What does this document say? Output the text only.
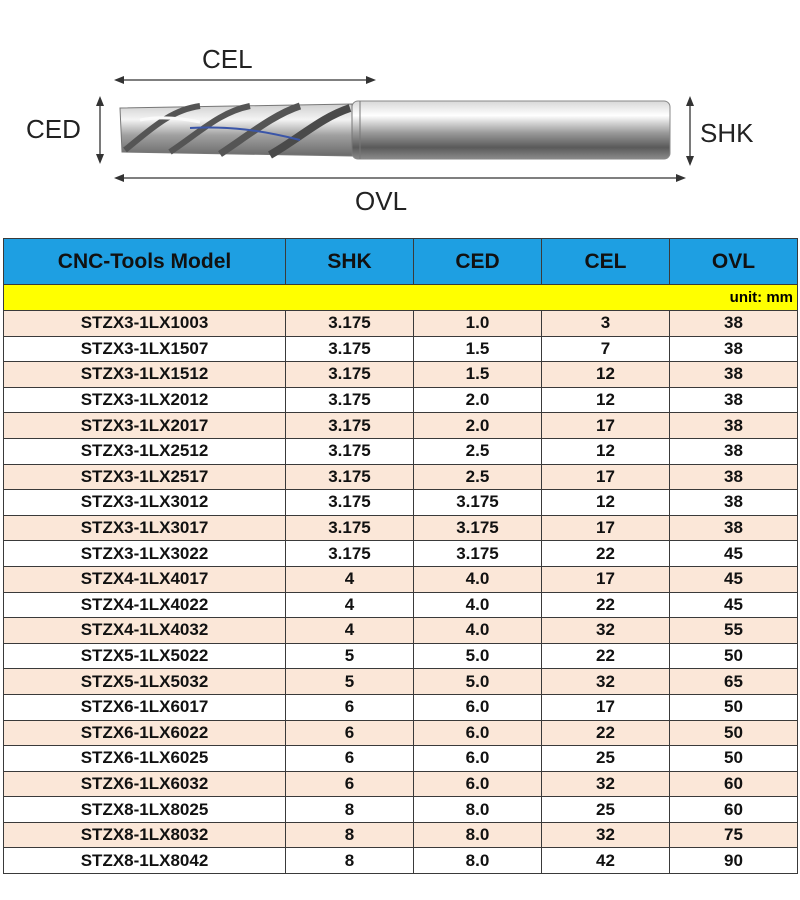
CEL
CED	SHK
OVL
CNC-Tools Model	SHK	CED	CEL	OVL
unit: mm				
STZX3-1LX1003	3.175	1.0	3	38
STZX3-1LX1507	3.175	1.5	7	38
STZX3-1LX1512	3.175	1.5	12	38
STZX3-1LX2012	3.175	2.0	12	38
STZX3-1LX2017	3.175	2.0	17	38
STZX3-1LX2512	3.175	2.5	12	38
STZX3-1LX2517	3.175	2.5	17	38
STZX3-1LX3012	3.175	3.175	12	38
STZX3-1LX3017	3.175	3.175	17	38
STZX3-1LX3022	3.175	3.175	22	45
STZX4-1LX4017	4	4.0	17	45
STZX4-1LX4022	4	4.0	22	45
STZX4-1LX4032	4	4.0	32	55
STZX5-1LX5022	5	5.0	22	50
STZX5-1LX5032	5	5.0	32	65
STZX6-1LX6017	6	6.0	17	50
STZX6-1LX6022	6	6.0	22	50
STZX6-1LX6025	6	6.0	25	50
STZX6-1LX6032	6	6.0	32	60
STZX8-1LX8025	8	8.0	25	60
STZX8-1LX8032	8	8.0	32	75
STZX8-1LX8042	8	8.0	42	90
